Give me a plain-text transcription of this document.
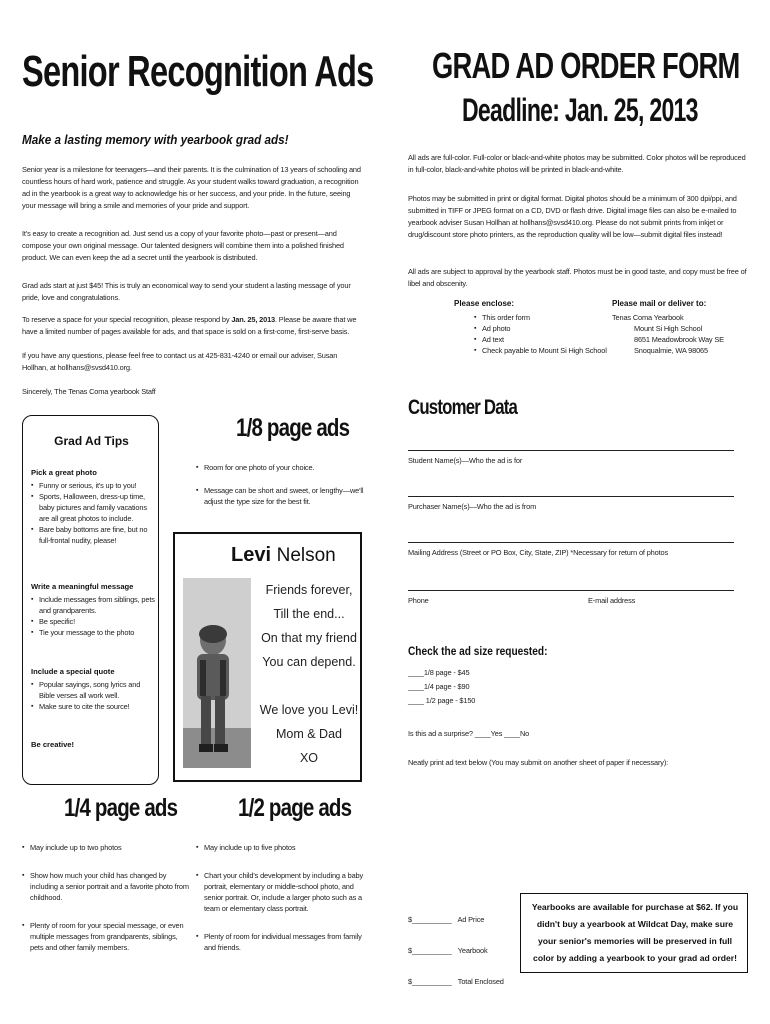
Senior Recognition Ads
Make a lasting memory with yearbook grad ads!
Senior year is a milestone for teenagers—and their parents. It is the culmination of 13 years of schooling and countless hours of hard work, patience and struggle. As your student walks toward graduation, a recognition ad in the yearbook is a great way to acknowledge his or her success, and your pride. In the future, seeing your message will bring a smile and memories of your pride and support.
It's easy to create a recognition ad. Just send us a copy of your favorite photo—past or present—and compose your own original message. Our talented designers will combine them into a polished finished product. We can even keep the ad a secret until the yearbook is distributed.
Grad ads start at just $45! This is truly an economical way to send your student a lasting message of your pride, love and congratulations.
To reserve a space for your special recognition, please respond by Jan. 25, 2013. Please be aware that we have a limited number of pages available for ads, and that space is sold on a first-come, first-serve basis.
If you have any questions, please feel free to contact us at 425-831-4240 or email our adviser, Susan Hollhan, at hollhans@svsd410.org.
Sincerely, The Tenas Coma yearbook Staff
Grad Ad Tips
Pick a great photo
▪ Funny or serious, it's up to you!
▪ Sports, Halloween, dress-up time, baby pictures and family vacations are all great photos to include.
▪ Bare baby bottoms are fine, but no full-frontal nudity, please!
Write a meaningful message
▪ Include messages from siblings, pets and grandparents.
▪ Be specific!
▪ Tie your message to the photo
Include a special quote
▪ Popular sayings, song lyrics and Bible verses all work well.
▪ Make sure to cite the source!
Be creative!
1/8 page ads
▪ Room for one photo of your choice.
▪ Message can be short and sweet, or lengthy—we'll adjust the type size for the best fit.
Levi Nelson
Friends forever,
Till the end...
On that my friend
You can depend.
We love you Levi!
Mom & Dad
XO
1/4 page ads
▪ May include up to two photos
▪ Show how much your child has changed by including a senior portrait and a favorite photo from childhood.
▪ Plenty of room for your special message, or even multiple messages from grandparents, siblings, pets and other family members.
1/2 page ads
▪ May include up to five photos
▪ Chart your child's development by including a baby portrait, elementary or middle-school photo, and senior portrait. Or, include a larger photo such as a team or elementary class portrait.
▪ Plenty of room for individual messages from family and friends.
GRAD AD ORDER FORM
Deadline: Jan. 25, 2013
All ads are full-color. Full-color or black-and-white photos may be submitted. Color photos will be reproduced in full-color, black-and-white photos will be printed in black-and-white.
Photos may be submitted in print or digital format. Digital photos should be a minimum of 300 dpi/ppi, and submitted in TIFF or JPEG format on a CD, DVD or flash drive. Digital image files can also be e-mailed to yearbook adviser Susan Hollhan at hollhans@svsd410.org. Please do not submit prints from inkjet or drug/discount store photo printers, as the reproduction quality will be low—submit digital files instead!
All ads are subject to approval by the yearbook staff. Photos must be in good taste, and copy must be free of libel and obscenity.
Please enclose:
▪ This order form
▪ Ad photo
▪ Ad text
▪ Check payable to Mount Si High School
Please mail or deliver to:
Tenas Coma Yearbook
Mount Si High School
8651 Meadowbrook Way SE
Snoqualmie, WA 98065
Customer Data
Student Name(s)—Who the ad is for
Purchaser Name(s)—Who the ad is from
Mailing Address (Street or PO Box, City, State, ZIP) *Necessary for return of photos
Phone	E-mail address
Check the ad size requested:
____1/8 page - $45
____1/4 page - $90
____ 1/2 page - $150
Is this ad a surprise? ____Yes ____No
Neatly print ad text below (You may submit on another sheet of paper if necessary):
$__________ Ad Price
$__________ Yearbook
$__________ Total Enclosed
Yearbooks are available for purchase at $62. If you didn't buy a yearbook at Wildcat Day, make sure your senior's memories will be preserved in full color by adding a yearbook to your grad ad order!
